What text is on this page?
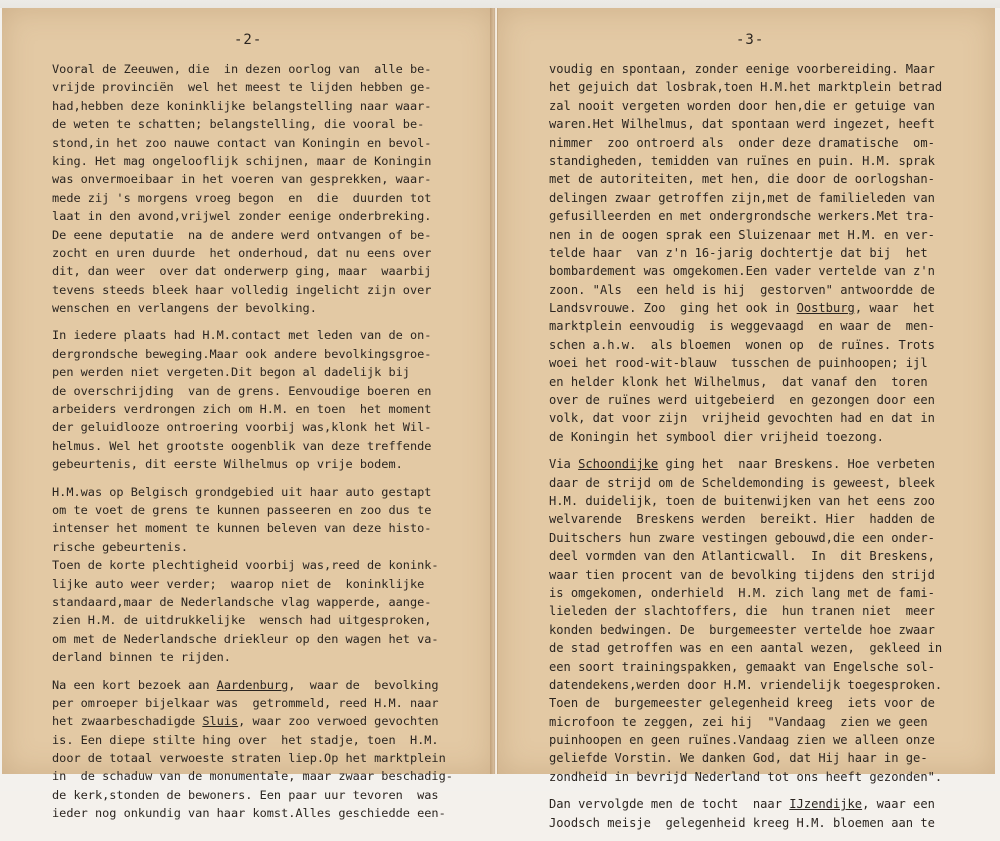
-2-
Vooral de Zeeuwen, die  in dezen oorlog van  alle be-
vrijde provinciën  wel het meest te lijden hebben ge-
had,hebben deze koninklijke belangstelling naar waar-
de weten te schatten; belangstelling, die vooral be-
stond,in het zoo nauwe contact van Koningin en bevol-
king. Het mag ongelooflijk schijnen, maar de Koningin
was onvermoeibaar in het voeren van gesprekken, waar-
mede zij 's morgens vroeg begon  en  die  duurden tot
laat in den avond,vrijwel zonder eenige onderbreking.
De eene deputatie  na de andere werd ontvangen of be-
zocht en uren duurde  het onderhoud, dat nu eens over
dit, dan weer  over dat onderwerp ging, maar  waarbij
tevens steeds bleek haar volledig ingelicht zijn over
wenschen en verlangens der bevolking.
In iedere plaats had H.M.contact met leden van de on-
dergrondsche beweging.Maar ook andere bevolkingsgroe-
pen werden niet vergeten.Dit begon al dadelijk bij
de overschrijding  van de grens. Eenvoudige boeren en
arbeiders verdrongen zich om H.M. en toen  het moment
der geluidlooze ontroering voorbij was,klonk het Wil-
helmus. Wel het grootste oogenblik van deze treffende
gebeurtenis, dit eerste Wilhelmus op vrije bodem.
H.M.was op Belgisch grondgebied uit haar auto gestapt
om te voet de grens te kunnen passeeren en zoo dus te
intenser het moment te kunnen beleven van deze histo-
rische gebeurtenis.
Toen de korte plechtigheid voorbij was,reed de konink-
lijke auto weer verder;  waarop niet de  koninklijke
standaard,maar de Nederlandsche vlag wapperde, aange-
zien H.M. de uitdrukkelijke  wensch had uitgesproken,
om met de Nederlandsche driekleur op den wagen het va-
derland binnen te rijden.
Na een kort bezoek aan Aardenburg,  waar de  bevolking
per omroeper bijelkaar was  getrommeld, reed H.M. naar
het zwaarbeschadigde Sluis, waar zoo verwoed gevochten
is. Een diepe stilte hing over  het stadje, toen  H.M.
door de totaal verwoeste straten liep.Op het marktplein
in  de schaduw van de monumentale, maar zwaar beschadig-
de kerk,stonden de bewoners. Een paar uur tevoren  was
ieder nog onkundig van haar komst.Alles geschiedde een-
-3-
voudig en spontaan, zonder eenige voorbereiding. Maar
het gejuich dat losbrak,toen H.M.het marktplein betrad
zal nooit vergeten worden door hen,die er getuige van
waren.Het Wilhelmus, dat spontaan werd ingezet, heeft
nimmer  zoo ontroerd als  onder deze dramatische  om-
standigheden, temidden van ruïnes en puin. H.M. sprak
met de autoriteiten, met hen, die door de oorlogshan-
delingen zwaar getroffen zijn,met de familieleden van
gefusilleerden en met ondergrondsche werkers.Met tra-
nen in de oogen sprak een Sluizenaar met H.M. en ver-
telde haar  van z'n 16-jarig dochtertje dat bij  het
bombardement was omgekomen.Een vader vertelde van z'n
zoon. "Als  een held is hij  gestorven" antwoordde de
Landsvrouwe. Zoo  ging het ook in Oostburg, waar  het
marktplein eenvoudig  is weggevaagd  en waar de  men-
schen a.h.w.  als bloemen  wonen op  de ruïnes. Trots
woei het rood-wit-blauw  tusschen de puinhoopen; ijl
en helder klonk het Wilhelmus,  dat vanaf den  toren
over de ruïnes werd uitgebeierd  en gezongen door een
volk, dat voor zijn  vrijheid gevochten had en dat in
de Koningin het symbool dier vrijheid toezong.
Via Schoondijke ging het  naar Breskens. Hoe verbeten
daar de strijd om de Scheldemonding is geweest, bleek
H.M. duidelijk, toen de buitenwijken van het eens zoo
welvarende  Breskens werden  bereikt. Hier  hadden de
Duitschers hun zware vestingen gebouwd,die een onder-
deel vormden van den Atlanticwall.  In  dit Breskens,
waar tien procent van de bevolking tijdens den strijd
is omgekomen, onderhield  H.M. zich lang met de fami-
lieleden der slachtoffers, die  hun tranen niet  meer
konden bedwingen. De  burgemeester vertelde hoe zwaar
de stad getroffen was en een aantal wezen,  gekleed in
een soort trainingspakken, gemaakt van Engelsche sol-
datendekens,werden door H.M. vriendelijk toegesproken.
Toen de  burgemeester gelegenheid kreeg  iets voor de
microfoon te zeggen, zei hij  "Vandaag  zien we geen
puinhoopen en geen ruïnes.Vandaag zien we alleen onze
geliefde Vorstin. We danken God, dat Hij haar in ge-
zondheid in bevrijd Nederland tot ons heeft gezonden".
Dan vervolgde men de tocht  naar IJzendijke, waar een
Joodsch meisje  gelegenheid kreeg H.M. bloemen aan te
